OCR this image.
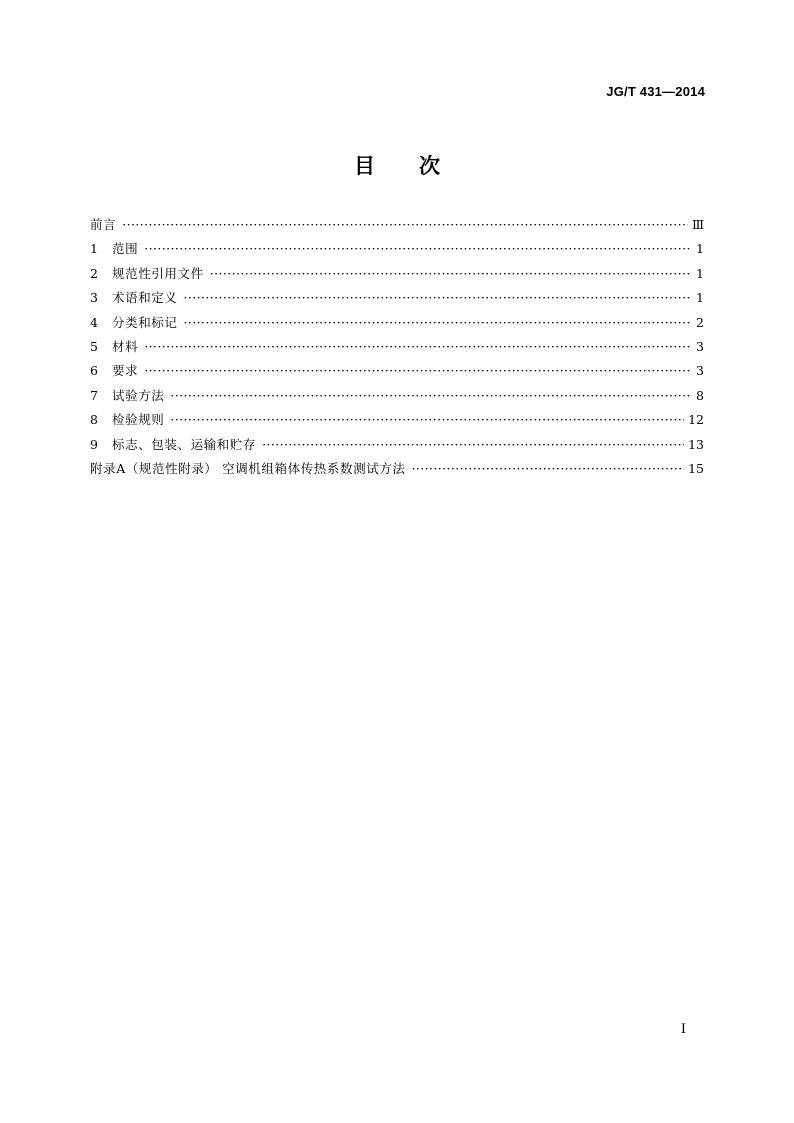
JG/T 431—2014
目 次
前言 ·····	Ⅲ
1	范围 ·····	1
2	规范性引用文件 ·····	1
3	术语和定义 ·····	1
4	分类和标记 ·····	2
5	材料 ·····	3
6	要求 ·····	3
7	试验方法 ·····	8
8	检验规则 ·····	12
9	标志、包装、运输和贮存 ·····	13
附录A（规范性附录） 空调机组箱体传热系数测试方法 ·····	15
I
